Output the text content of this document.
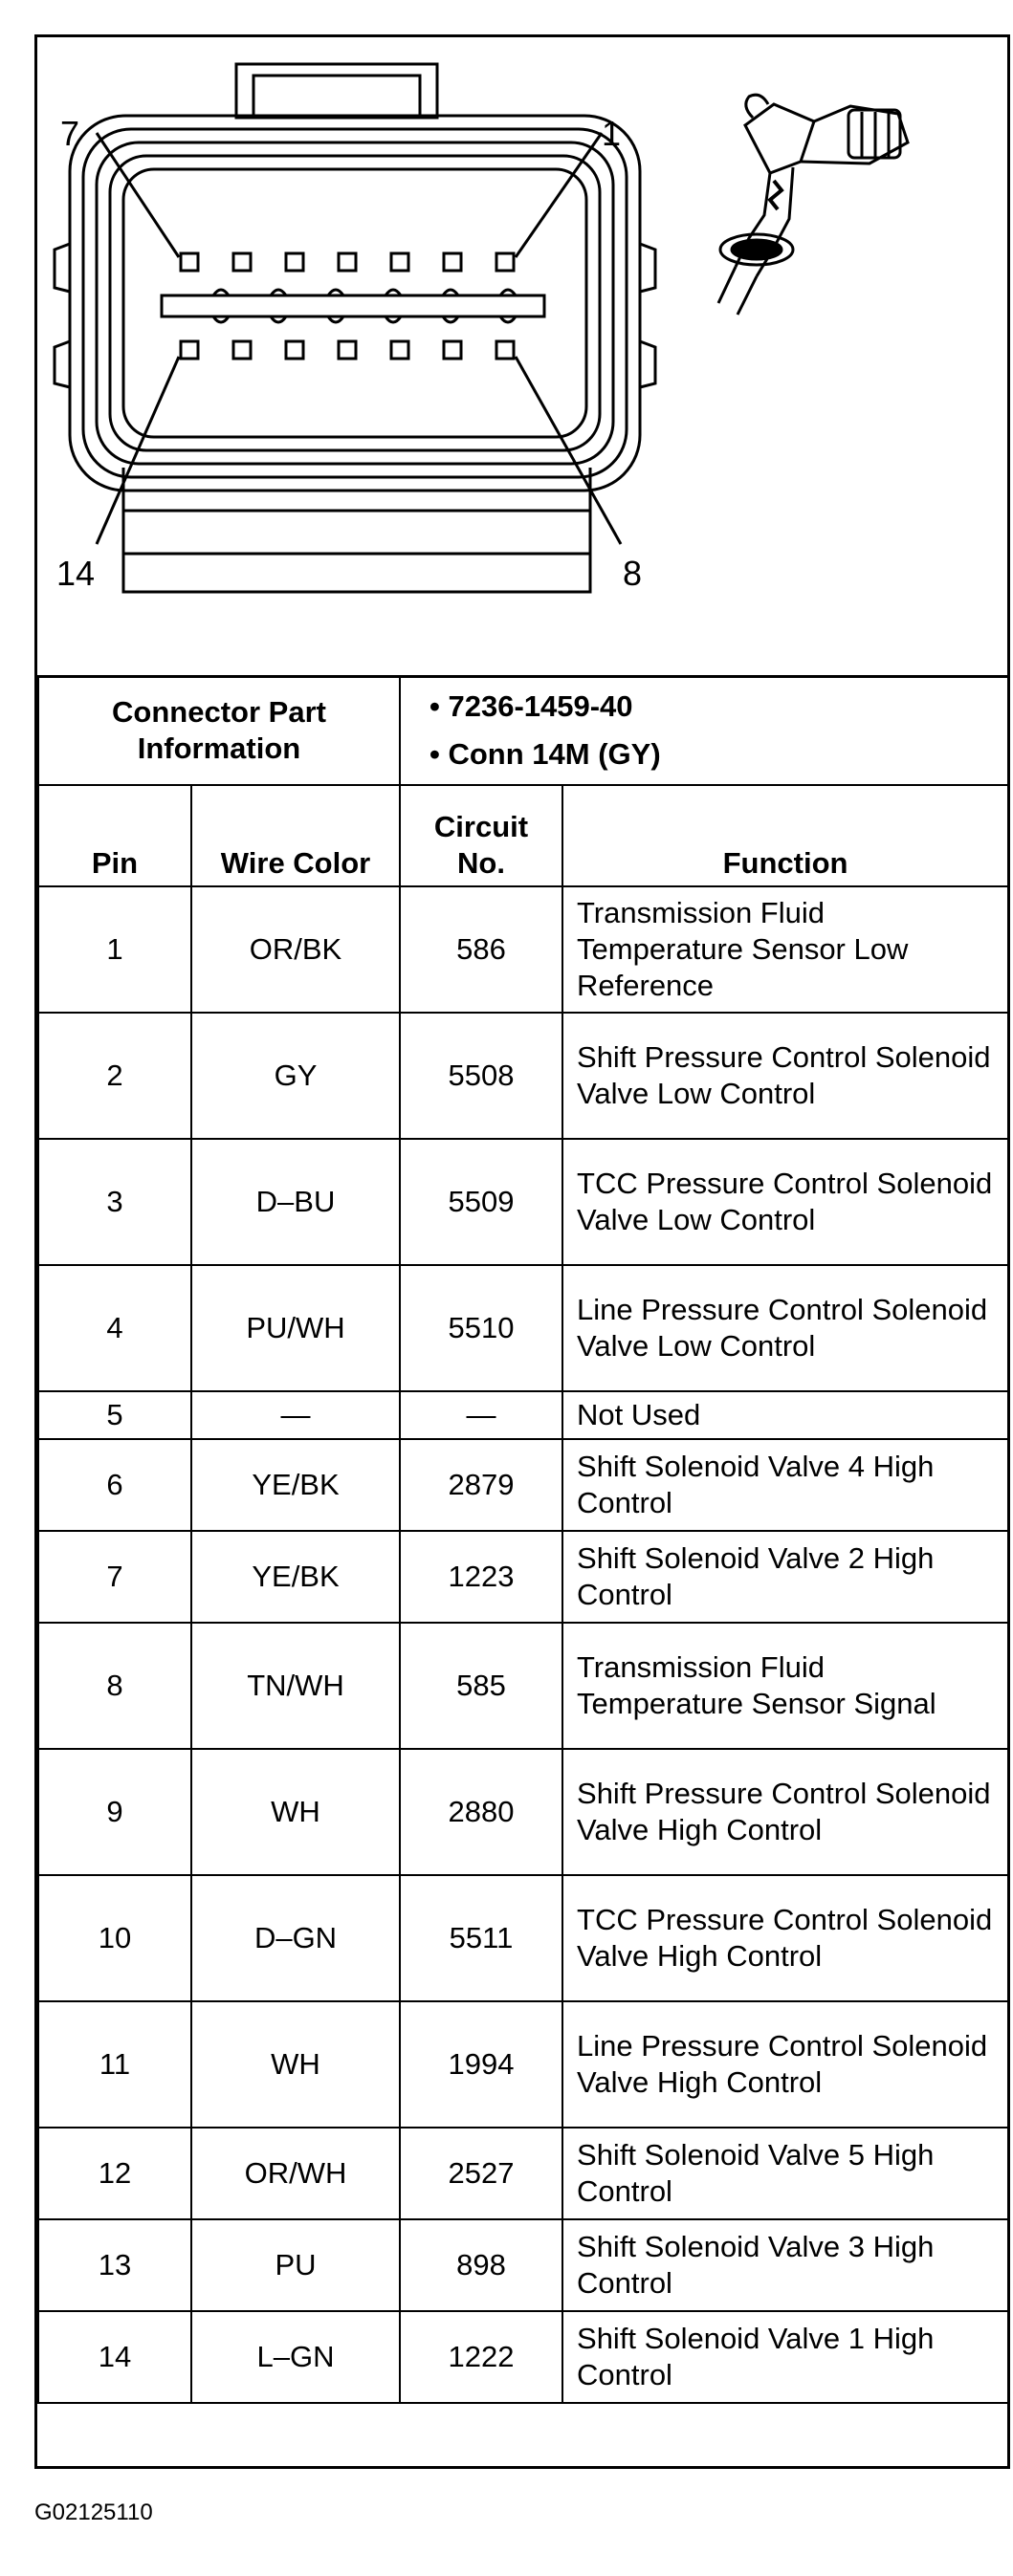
7	1
14	8
Connector Part Information		• 7236-1459-40
• Conn 14M (GY)	

Pin	Wire Color	Circuit No.	Function
1	OR/BK	586	Transmission Fluid Temperature Sensor Low Reference
2	GY	5508	Shift Pressure Control Solenoid Valve Low Control
3	D–BU	5509	TCC Pressure Control Solenoid Valve Low Control
4	PU/WH	5510	Line Pressure Control Solenoid Valve Low Control
5	—	—	Not Used
6	YE/BK	2879	Shift Solenoid Valve 4 High Control
7	YE/BK	1223	Shift Solenoid Valve 2 High Control
8	TN/WH	585	Transmission Fluid Temperature Sensor Signal
9	WH	2880	Shift Pressure Control Solenoid Valve High Control
10	D–GN	5511	TCC Pressure Control Solenoid Valve High Control
11	WH	1994	Line Pressure Control Solenoid Valve High Control
12	OR/WH	2527	Shift Solenoid Valve 5 High Control
13	PU	898	Shift Solenoid Valve 3 High Control
14	L–GN	1222	Shift Solenoid Valve 1 High Control
G02125110
